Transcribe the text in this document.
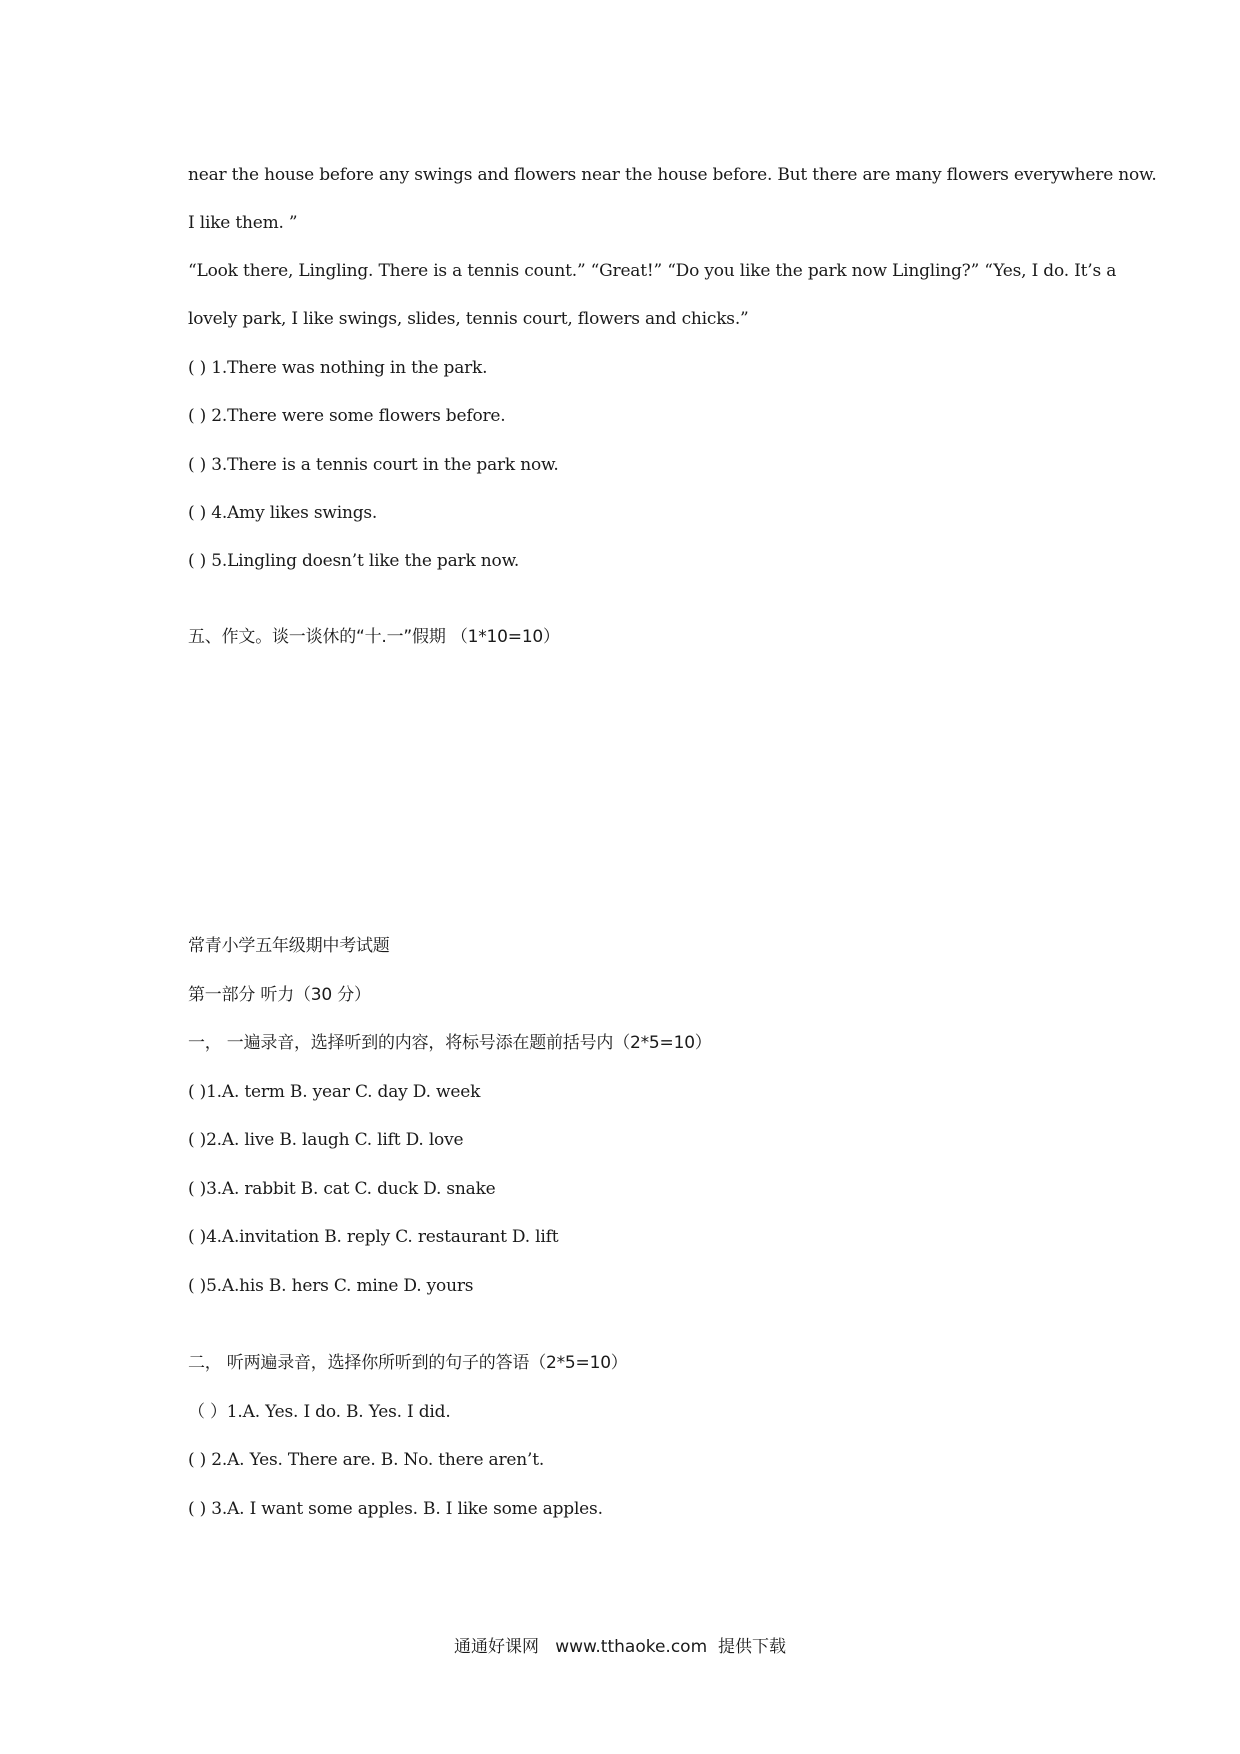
near the house before any swings and flowers near the house before. But there are many flowers everywhere now.
I like them. ”
“Look there, Lingling. There is a tennis count.” “Great!” “Do you like the park now Lingling?” “Yes, I do. It’s a
lovely park, I like swings, slides, tennis court, flowers and chicks.”
( ) 1.There was nothing in the park.
( ) 2.There were some flowers before.
( ) 3.There is a tennis court in the park now.
( ) 4.Amy likes swings.
( ) 5.Lingling doesn’t like the park now.
五、作文。谈一谈休的“十.一”假期 （1*10=10）
常青小学五年级期中考试题
第一部分 听力（30 分）
一， 一遍录音，选择听到的内容，将标号添在题前括号内（2*5=10）
( )1.A. term B. year C. day D. week
( )2.A. live B. laugh C. lift D. love
( )3.A. rabbit B. cat C. duck D. snake
( )4.A.invitation B. reply C. restaurant D. lift
( )5.A.his B. hers C. mine D. yours
二， 听两遍录音，选择你所听到的句子的答语（2*5=10）
（ ）1.A. Yes. I do. B. Yes. I did.
( ) 2.A. Yes. There are. B. No. there aren’t.
( ) 3.A. I want some apples. B. I like some apples.
通通好课网   www.tthaoke.com  提供下载
